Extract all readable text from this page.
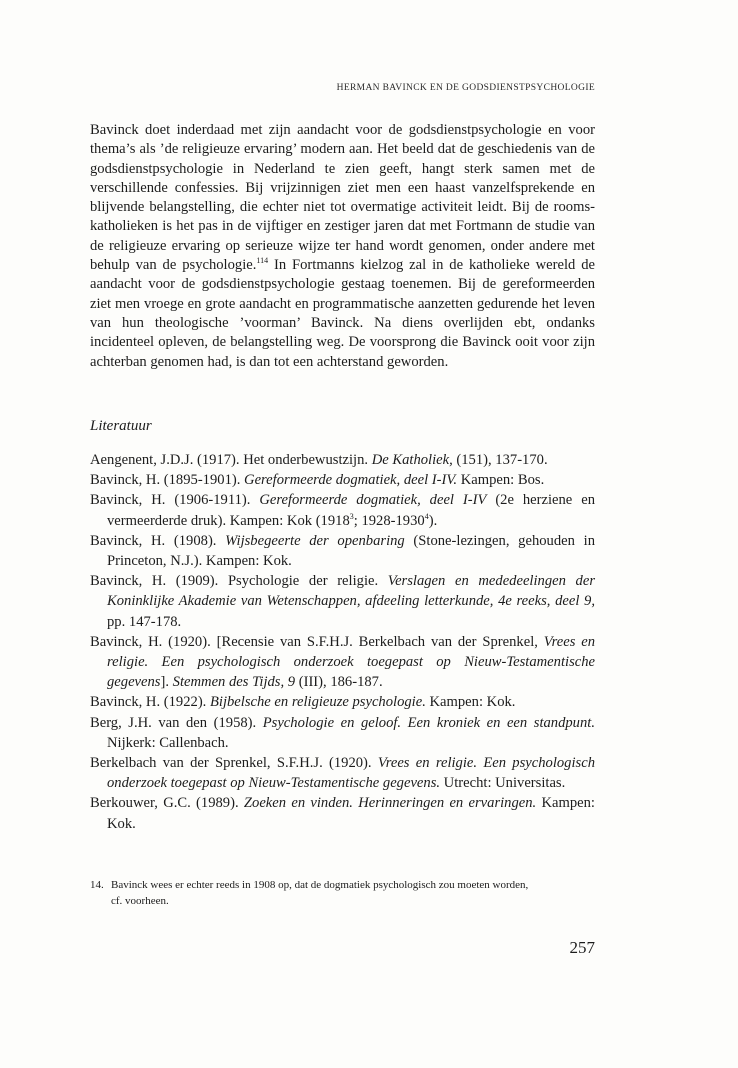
HERMAN BAVINCK EN DE GODSDIENSTPSYCHOLOGIE
Bavinck doet inderdaad met zijn aandacht voor de godsdienstpsychologie en voor thema’s als ’de religieuze ervaring’ modern aan. Het beeld dat de geschiedenis van de godsdienstpsychologie in Nederland te zien geeft, hangt sterk samen met de verschillende confessies. Bij vrijzinnigen ziet men een haast vanzelfsprekende en blijvende belangstelling, die echter niet tot overmatige activiteit leidt. Bij de rooms-katholieken is het pas in de vijftiger en zestiger jaren dat met Fortmann de studie van de religieuze ervaring op serieuze wijze ter hand wordt genomen, onder andere met behulp van de psychologie.$^{114}$ In Fortmanns kielzog zal in de katholieke wereld de aandacht voor de godsdienstpsychologie gestaag toenemen. Bij de gereformeerden ziet men vroege en grote aandacht en programmatische aanzetten gedurende het leven van hun theologische ’voorman’ Bavinck. Na diens overlijden ebt, ondanks incidenteel opleven, de belangstelling weg. De voorsprong die Bavinck ooit voor zijn achterban genomen had, is dan tot een achterstand geworden.
Literatuur

Aengenent, J.D.J. (1917). Het onderbewustzijn. De Katholiek, (151), 137-170.

Bavinck, H. (1895-1901). Gereformeerde dogmatiek, deel I-IV. Kampen: Bos.

Bavinck, H. (1906-1911). Gereformeerde dogmatiek, deel I-IV (2e herziene en vermeerderde druk). Kampen: Kok (1918$^3$; 1928-1930$^4$).

Bavinck, H. (1908). Wijsbegeerte der openbaring (Stone-lezingen, gehouden in Princeton, N.J.). Kampen: Kok.

Bavinck, H. (1909). Psychologie der religie. Verslagen en mededeelingen der Koninklijke Akademie van Wetenschappen, afdeeling letterkunde, 4e reeks, deel 9, pp. 147-178.

Bavinck, H. (1920). [Recensie van S.F.H.J. Berkelbach van der Sprenkel, Vrees en religie. Een psychologisch onderzoek toegepast op Nieuw-Testamentische gegevens]. Stemmen des Tijds, 9 (III), 186-187.

Bavinck, H. (1922). Bijbelsche en religieuze psychologie. Kampen: Kok.

Berg, J.H. van den (1958). Psychologie en geloof. Een kroniek en een standpunt. Nijkerk: Callenbach.

Berkelbach van der Sprenkel, S.F.H.J. (1920). Vrees en religie. Een psychologisch onderzoek toegepast op Nieuw-Testamentische gegevens. Utrecht: Universitas.

Berkouwer, G.C. (1989). Zoeken en vinden. Herinneringen en ervaringen. Kampen: Kok.

14. Bavinck wees er echter reeds in 1908 op, dat de dogmatiek psychologisch zou moeten worden,
cf. voorheen.
257
